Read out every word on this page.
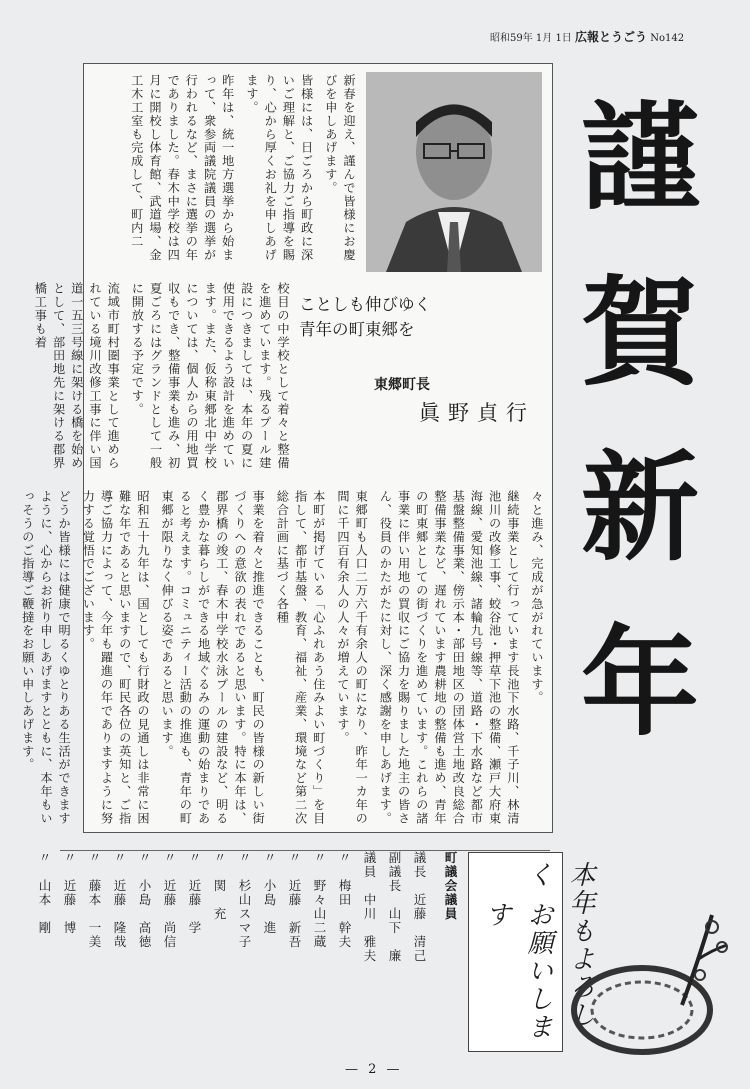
昭和59年 1月 1日 広報とうごう No142
謹
賀
新
年

新春を迎え、謹んで皆様にお慶びを申しあげます。

皆様には、日ごろから町政に深いご理解と、ご協力ご指導を賜り、心から厚くお礼を申しあげます。

昨年は、統一地方選挙から始まって、衆参両議院議員の選挙が行われるなど、まさに選挙の年でありました。春木中学校は四月に開校し体育館、武道場、金工木工室も完成して、町内二

校目の中学校として着々と整備を進めています。残るプール建設につきましては、本年の夏に使用できるよう設計を進めています。また、仮称東郷北中学校については、個人からの用地買収もでき、整備事業も進み、初夏ごろにはグランドとして一般に開放する予定です。

流域市町村圏事業として進められている境川改修工事に伴い国道一五三号線に架ける橋を始めとして、部田地先に架ける郡界橋工事も着	ことしも伸びゆく
青年の町東郷を
東郷町長
眞野貞行

々と進み、完成が急がれています。

継続事業として行っています長池下水路、千子川、林清池川の改修工事、蛟谷池・押草下池の整備、瀬戸大府東海線、愛知池線、諸輪九号線等、道路・下水路など都市基盤整備事業、傍示本・部田地区の団体営土地改良総合整備事業など、遅れています農耕地の整備も進め、青年の町東郷としての街づくりを進めています。これらの諸事業に伴い用地の買収にご協力を賜りました地主の皆さん、役員のかたがたに対し、深く感謝を申しあげます。

東郷町も人口二万六千有余人の町になり、昨年一カ年の間に千四百有余人の人々が増えています。

本町が掲げている「心ふれあう住みよい町づくり」を目指して、都市基盤、教育、福祉、産業、環境など第二次総合計画に基づく各種

事業を着々と推進できることも、町民の皆様の新しい街づくりへの意欲の表れであると思います。特に本年は、郡界橋の竣工、春木中学校水泳プールの建設など、明るく豊かな暮らしができる地域ぐるみの運動の始まりであると考えます。コミュニティー活動の推進も、青年の町東郷が限りなく伸びる姿であると思います。

昭和五十九年は、国としても行財政の見通しは非常に困難な年であると思いますので、町民各位の英知と、ご指導ご協力によって、今年も躍進の年でありますように努力する覚悟でございます。

どうか皆様には健康で明るくゆとりある生活ができますように、心からお祈り申しあげますとともに、本年もいっそうのご指導ご鞭撻をお願い申しあげます。

町議会議員
議長　近藤　清己
副議長　山下　廉
議員　中川　雅夫
〃　梅田　幹夫
〃　野々山二蔵
〃　近藤　新吾
〃　小島　進
〃　杉山スマ子
〃　関　充
〃　近藤　学
〃　近藤　尚信
〃　小島　高徳
〃　近藤　隆哉
〃　藤本　一美
〃　近藤　博
〃　山本　剛	本年もよろしく
お願いします
— 2 —
